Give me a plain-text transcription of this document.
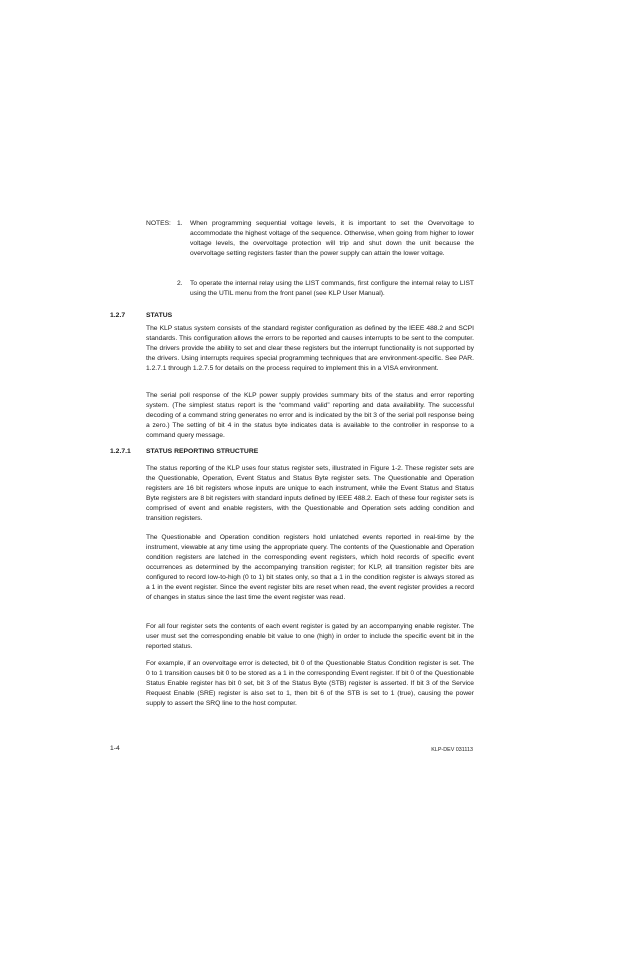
NOTES: 1. When programming sequential voltage levels, it is important to set the Overvoltage to accommodate the highest voltage of the sequence. Otherwise, when going from higher to lower voltage levels, the overvoltage protection will trip and shut down the unit because the overvoltage setting registers faster than the power supply can attain the lower voltage.

2. To operate the internal relay using the LIST commands, first configure the internal relay to LIST using the UTIL menu from the front panel (see KLP User Manual).

1.2.7	STATUS

The KLP status system consists of the standard register configuration as defined by the IEEE 488.2 and SCPI standards. This configuration allows the errors to be reported and causes interrupts to be sent to the computer. The drivers provide the ability to set and clear these registers but the interrupt functionality is not supported by the drivers. Using interrupts requires special programming techniques that are environment-specific. See PAR. 1.2.7.1 through 1.2.7.5 for details on the process required to implement this in a VISA environment.

The serial poll response of the KLP power supply provides summary bits of the status and error reporting system. (The simplest status report is the “command valid” reporting and data availability. The successful decoding of a command string generates no error and is indicated by the bit 3 of the serial poll response being a zero.) The setting of bit 4 in the status byte indicates data is available to the controller in response to a command query message.

1.2.7.1 STATUS REPORTING STRUCTURE

The status reporting of the KLP uses four status register sets, illustrated in Figure 1-2. These register sets are the Questionable, Operation, Event Status and Status Byte register sets. The Questionable and Operation registers are 16 bit registers whose inputs are unique to each instrument, while the Event Status and Status Byte registers are 8 bit registers with standard inputs defined by IEEE 488.2. Each of these four register sets is comprised of event and enable registers, with the Questionable and Operation sets adding condition and transition registers.

The Questionable and Operation condition registers hold unlatched events reported in real-time by the instrument, viewable at any time using the appropriate query. The contents of the Questionable and Operation condition registers are latched in the corresponding event registers, which hold records of specific event occurrences as determined by the accompanying transition register; for KLP, all transition register bits are configured to record low-to-high (0 to 1) bit states only, so that a 1 in the condition register is always stored as a 1 in the event register. Since the event register bits are reset when read, the event register provides a record of changes in status since the last time the event register was read.

For all four register sets the contents of each event register is gated by an accompanying enable register. The user must set the corresponding enable bit value to one (high) in order to include the specific event bit in the reported status.

For example, if an overvoltage error is detected, bit 0 of the Questionable Status Condition register is set. The 0 to 1 transition causes bit 0 to be stored as a 1 in the corresponding Event register. If bit 0 of the Questionable Status Enable register has bit 0 set, bit 3 of the Status Byte (STB) register is asserted. If bit 3 of the Service Request Enable (SRE) register is also set to 1, then bit 6 of the STB is set to 1 (true), causing the power supply to assert the SRQ line to the host computer.

1-4	KLP-DEV 031113
